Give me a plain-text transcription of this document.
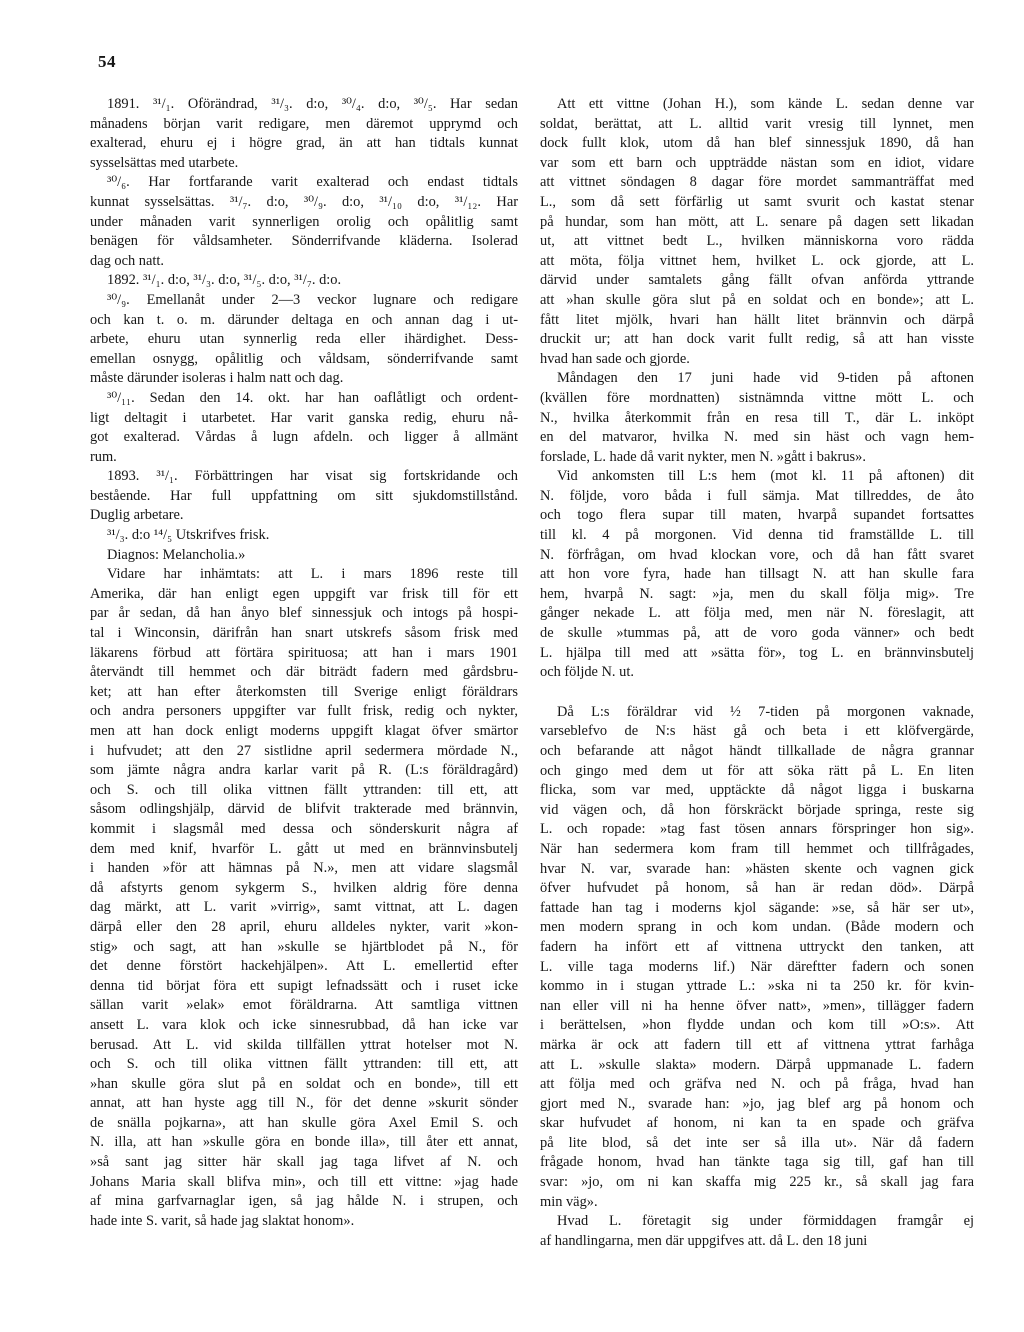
54
1891. ³¹/₁. Oförändrad, ³¹/₃. d:o, ³⁰/₄. d:o, ³⁰/₅. Har sedan
månadens början varit redigare, men däremot upprymd och
exalterad, ehuru ej i högre grad, än att han tidtals kunnat
sysselsättas med utarbete.
³⁰/₆. Har fortfarande varit exalterad och endast tidtals
kunnat sysselsättas. ³¹/₇. d:o, ³⁰/₉. d:o, ³¹/₁₀ d:o, ³¹/₁₂. Har
under månaden varit synnerligen orolig och opålitlig samt
benägen för våldsamheter. Sönderrifvande kläderna. Isolerad
dag och natt.
1892. ³¹/₁. d:o, ³¹/₃. d:o, ³¹/₅. d:o, ³¹/₇. d:o.
³⁰/₉. Emellanåt under 2—3 veckor lugnare och redigare
och kan t. o. m. därunder deltaga en och annan dag i ut-
arbete, ehuru utan synnerlig reda eller ihärdighet. Dess-
emellan osnygg, opålitlig och våldsam, sönderrifvande samt
måste därunder isoleras i halm natt och dag.
³⁰/₁₁. Sedan den 14. okt. har han oaflåtligt och ordent-
ligt deltagit i utarbetet. Har varit ganska redig, ehuru nå-
got exalterad. Vårdas å lugn afdeln. och ligger å allmänt
rum.
1893. ³¹/₁. Förbättringen har visat sig fortskridande och
bestående. Har full uppfattning om sitt sjukdomstillstånd.
Duglig arbetare.
³¹/₃. d:o ¹⁴/₅ Utskrifves frisk.
Diagnos: Melancholia.»
Vidare har inhämtats: att L. i mars 1896 reste till
Amerika, där han enligt egen uppgift var frisk till för ett
par år sedan, då han ånyo blef sinnessjuk och intogs på hospi-
tal i Winconsin, därifrån han snart utskrefs såsom frisk med
läkarens förbud att förtära spirituosa; att han i mars 1901
återvändt till hemmet och där biträdt fadern med gårdsbru-
ket; att han efter återkomsten till Sverige enligt föräldrars
och andra personers uppgifter var fullt frisk, redig och nykter,
men att han dock enligt moderns uppgift klagat öfver smärtor
i hufvudet; att den 27 sistlidne april sedermera mördade N.,
som jämte några andra karlar varit på R. (L:s föräldragård)
och S. och till olika vittnen fällt yttranden: till ett, att
såsom odlingshjälp, därvid de blifvit trakterade med brännvin,
kommit i slagsmål med dessa och sönderskurit några af
dem med knif, hvarför L. gått ut med en brännvinsbutelj
i handen »för att hämnas på N.», men att vidare slagsmål
då afstyrts genom sykgerm S., hvilken aldrig före denna
dag märkt, att L. varit »virrig», samt vittnat, att L. dagen
därpå eller den 28 april, ehuru alldeles nykter, varit »kon-
stig» och sagt, att han »skulle se hjärtblodet på N., för
det denne förstört hackehjälpen». Att L. emellertid efter
denna tid börjat föra ett supigt lefnadssätt och i ruset icke
sällan varit »elak» emot föräldrarna. Att samtliga vittnen
ansett L. vara klok och icke sinnesrubbad, då han icke var
berusad. Att L. vid skilda tillfällen yttrat hotelser mot N.
och S. och till olika vittnen fällt yttranden: till ett, att
»han skulle göra slut på en soldat och en bonde», till ett
annat, att han hyste agg till N., för det denne »skurit sönder
de snälla pojkarna», att han skulle göra Axel Emil S. och
N. illa, att han »skulle göra en bonde illa», till åter ett annat,
»så sant jag sitter här skall jag taga lifvet af N. och
Johans Maria skall blifva min», och till ett vittne: »jag hade
af mina garfvarnaglar igen, så jag hålde N. i strupen, och
hade inte S. varit, så hade jag slaktat honom».
Att ett vittne (Johan H.), som kände L. sedan denne var
soldat, berättat, att L. alltid varit vresig till lynnet, men
dock fullt klok, utom då han blef sinnessjuk 1890, då han
var som ett barn och uppträdde nästan som en idiot, vidare
att vittnet söndagen 8 dagar före mordet sammanträffat med
L., som då sett förfärlig ut samt svurit och kastat stenar
på hundar, som han mött, att L. senare på dagen sett likadan
ut, att vittnet bedt L., hvilken människorna voro rädda
att möta, följa vittnet hem, hvilket L. ock gjorde, att L.
därvid under samtalets gång fällt ofvan anförda yttrande
att »han skulle göra slut på en soldat och en bonde»; att L.
fått litet mjölk, hvari han hällt litet brännvin och därpå
druckit ur; att han dock varit fullt redig, så att han visste
hvad han sade och gjorde.
Måndagen den 17 juni hade vid 9-tiden på aftonen
(kvällen före mordnatten) sistnämnda vittne mött L. och
N., hvilka återkommit från en resa till T., där L. inköpt
en del matvaror, hvilka N. med sin häst och vagn hem-
forslade, L. hade då varit nykter, men N. »gått i bakrus».
Vid ankomsten till L:s hem (mot kl. 11 på aftonen) dit
N. följde, voro båda i full sämja. Mat tillreddes, de åto
och togo flera supar till maten, hvarpå supandet fortsattes
till kl. 4 på morgonen. Vid denna tid framställde L. till
N. förfrågan, om hvad klockan vore, och då han fått svaret
att hon vore fyra, hade han tillsagt N. att han skulle fara
hem, hvarpå N. sagt: »ja, men du skall följa mig». Tre
gånger nekade L. att följa med, men när N. föreslagit, att
de skulle »tummas på, att de voro goda vänner» och bedt
L. hjälpa till med att »sätta för», tog L. en brännvinsbutelj
och följde N. ut.
Då L:s föräldrar vid ½ 7-tiden på morgonen vaknade,
varseblefvo de N:s häst gå och beta i ett klöfvergärde,
och befarande att något händt tillkallade de några grannar
och gingo med dem ut för att söka rätt på L. En liten
flicka, som var med, upptäckte då något ligga i buskarna
vid vägen och, då hon förskräckt började springa, reste sig
L. och ropade: »tag fast tösen annars förspringer hon sig».
När han sedermera kom fram till hemmet och tillfrågades,
hvar N. var, svarade han: »hästen skente och vagnen gick
öfver hufvudet på honom, så han är redan död». Därpå
fattade han tag i moderns kjol sägande: »se, så här ser ut»,
men modern sprang in och kom undan. (Både modern och
fadern ha infört ett af vittnena uttryckt den tanken, att
L. ville taga moderns lif.) När däreftter fadern och sonen
kommo in i stugan yttrade L.: »ska ni ta 250 kr. för kvin-
nan eller vill ni ha henne öfver natt», »men», tillägger fadern
i berättelsen, »hon flydde undan och kom till »O:s». Att
märka är ock att fadern till ett af vittnena yttrat farhåga
att L. »skulle slakta» modern. Därpå uppmanade L. fadern
att följa med och gräfva ned N. och på fråga, hvad han
gjort med N., svarade han: »jo, jag blef arg på honom och
skar hufvudet af honom, ni kan ta en spade och gräfva
på lite blod, så det inte ser så illa ut». När då fadern
frågade honom, hvad han tänkte taga sig till, gaf han till
svar: »jo, om ni kan skaffa mig 225 kr., så skall jag fara
min väg».
Hvad L. företagit sig under förmiddagen framgår ej
af handlingarna, men där uppgifves att. då L. den 18 juni
